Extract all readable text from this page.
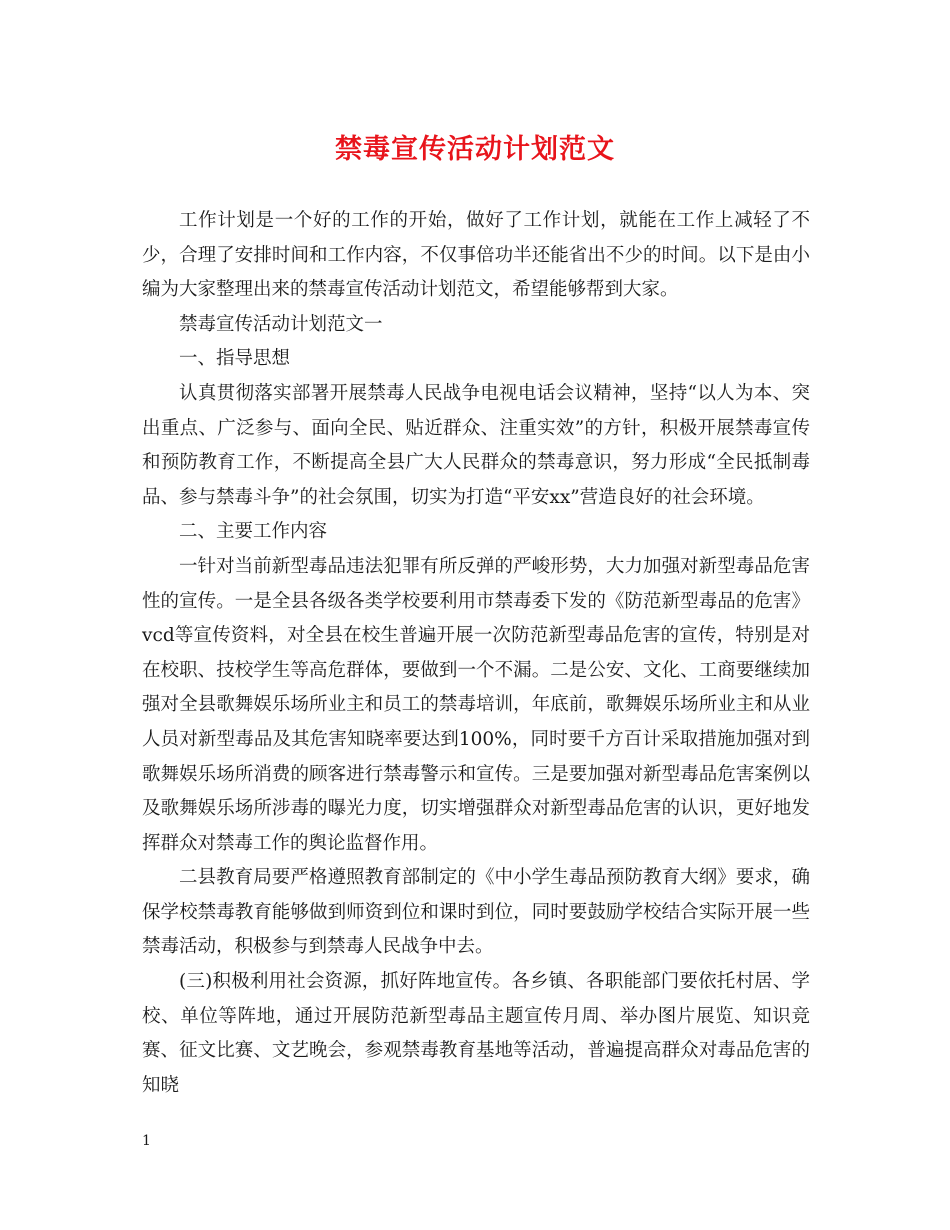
禁毒宣传活动计划范文

工作计划是一个好的工作的开始，做好了工作计划，就能在工作上减轻了不少，合理了安排时间和工作内容，不仅事倍功半还能省出不少的时间。以下是由小编为大家整理出来的禁毒宣传活动计划范文，希望能够帮到大家。

禁毒宣传活动计划范文一

一、指导思想

认真贯彻落实部署开展禁毒人民战争电视电话会议精神，坚持“以人为本、突出重点、广泛参与、面向全民、贴近群众、注重实效”的方针，积极开展禁毒宣传和预防教育工作，不断提高全县广大人民群众的禁毒意识，努力形成“全民抵制毒品、参与禁毒斗争”的社会氛围，切实为打造“平安xx”营造良好的社会环境。

二、主要工作内容

一针对当前新型毒品违法犯罪有所反弹的严峻形势，大力加强对新型毒品危害性的宣传。一是全县各级各类学校要利用市禁毒委下发的《防范新型毒品的危害》vcd等宣传资料，对全县在校生普遍开展一次防范新型毒品危害的宣传，特别是对在校职、技校学生等高危群体，要做到一个不漏。二是公安、文化、工商要继续加强对全县歌舞娱乐场所业主和员工的禁毒培训，年底前，歌舞娱乐场所业主和从业人员对新型毒品及其危害知晓率要达到100%，同时要千方百计采取措施加强对到歌舞娱乐场所消费的顾客进行禁毒警示和宣传。三是要加强对新型毒品危害案例以及歌舞娱乐场所涉毒的曝光力度，切实增强群众对新型毒品危害的认识，更好地发挥群众对禁毒工作的舆论监督作用。

二县教育局要严格遵照教育部制定的《中小学生毒品预防教育大纲》要求，确保学校禁毒教育能够做到师资到位和课时到位，同时要鼓励学校结合实际开展一些禁毒活动，积极参与到禁毒人民战争中去。

(三)积极利用社会资源，抓好阵地宣传。各乡镇、各职能部门要依托村居、学校、单位等阵地，通过开展防范新型毒品主题宣传月周、举办图片展览、知识竞赛、征文比赛、文艺晚会，参观禁毒教育基地等活动，普遍提高群众对毒品危害的知晓

1
